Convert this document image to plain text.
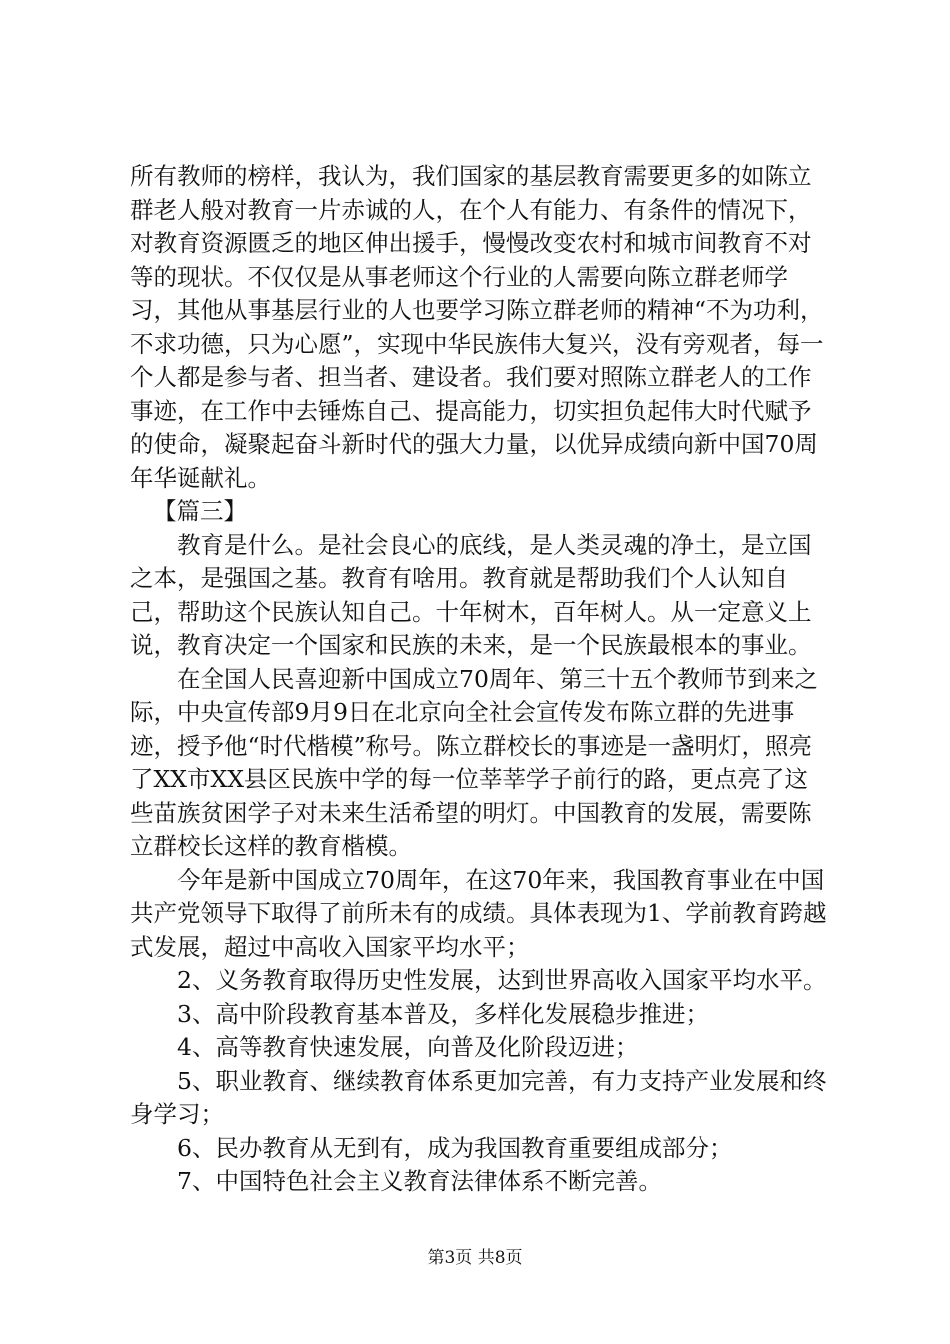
所有教师的榜样，我认为，我们国家的基层教育需要更多的如陈立群老人般对教育一片赤诚的人，在个人有能力、有条件的情况下，对教育资源匮乏的地区伸出援手，慢慢改变农村和城市间教育不对等的现状。不仅仅是从事老师这个行业的人需要向陈立群老师学习，其他从事基层行业的人也要学习陈立群老师的精神“不为功利，不求功德，只为心愿”，实现中华民族伟大复兴，没有旁观者，每一个人都是参与者、担当者、建设者。我们要对照陈立群老人的工作事迹，在工作中去锤炼自己、提高能力，切实担负起伟大时代赋予的使命，凝聚起奋斗新时代的强大力量，以优异成绩向新中国70周年华诞献礼。

【篇三】

教育是什么。是社会良心的底线，是人类灵魂的净土，是立国之本，是强国之基。教育有啥用。教育就是帮助我们个人认知自己，帮助这个民族认知自己。十年树木，百年树人。从一定意义上说，教育决定一个国家和民族的未来，是一个民族最根本的事业。

在全国人民喜迎新中国成立70周年、第三十五个教师节到来之际，中央宣传部9月9日在北京向全社会宣传发布陈立群的先进事迹，授予他“时代楷模”称号。陈立群校长的事迹是一盏明灯，照亮了XX市XX县区民族中学的每一位莘莘学子前行的路，更点亮了这些苗族贫困学子对未来生活希望的明灯。中国教育的发展，需要陈立群校长这样的教育楷模。

今年是新中国成立70周年，在这70年来，我国教育事业在中国共产党领导下取得了前所未有的成绩。具体表现为1、学前教育跨越式发展，超过中高收入国家平均水平；

2、义务教育取得历史性发展，达到世界高收入国家平均水平。

3、高中阶段教育基本普及，多样化发展稳步推进；

4、高等教育快速发展，向普及化阶段迈进；

5、职业教育、继续教育体系更加完善，有力支持产业发展和终身学习；

6、民办教育从无到有，成为我国教育重要组成部分；

7、中国特色社会主义教育法律体系不断完善。

第3页 共8页
